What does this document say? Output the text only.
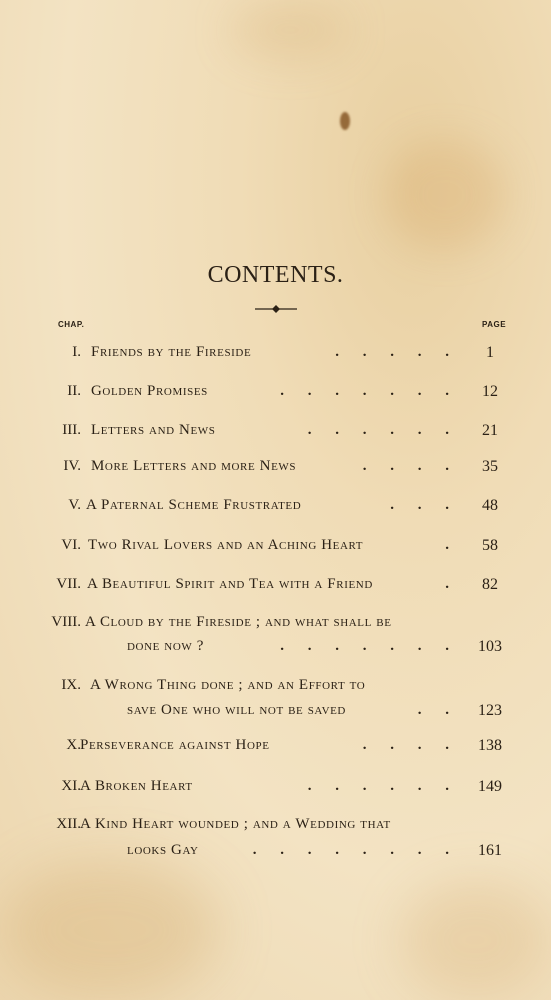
CONTENTS.
CHAP.	PAGE
I. Friends by the Fireside	. . . . .	1
II. Golden Promises	. . . . . . .	12
III. Letters and News	. . . . . .	21
IV. More Letters and more News	. . . .	35
V. A Paternal Scheme Frustrated	. . .	48
VI. Two Rival Lovers and an Aching Heart	.	58
VII. A Beautiful Spirit and Tea with a Friend	.	82
VIII. A Cloud by the Fireside ; and what shall be
done now ?	. . . . . . . 103
IX. A Wrong Thing done ; and an Effort to
save One who will not be saved	. . 123
X. Perseverance against Hope	. . . . 138
XI. A Broken Heart	. . . . . . 149
XII. A Kind Heart wounded ; and a Wedding that
looks Gay	. . . . . . . . 161
